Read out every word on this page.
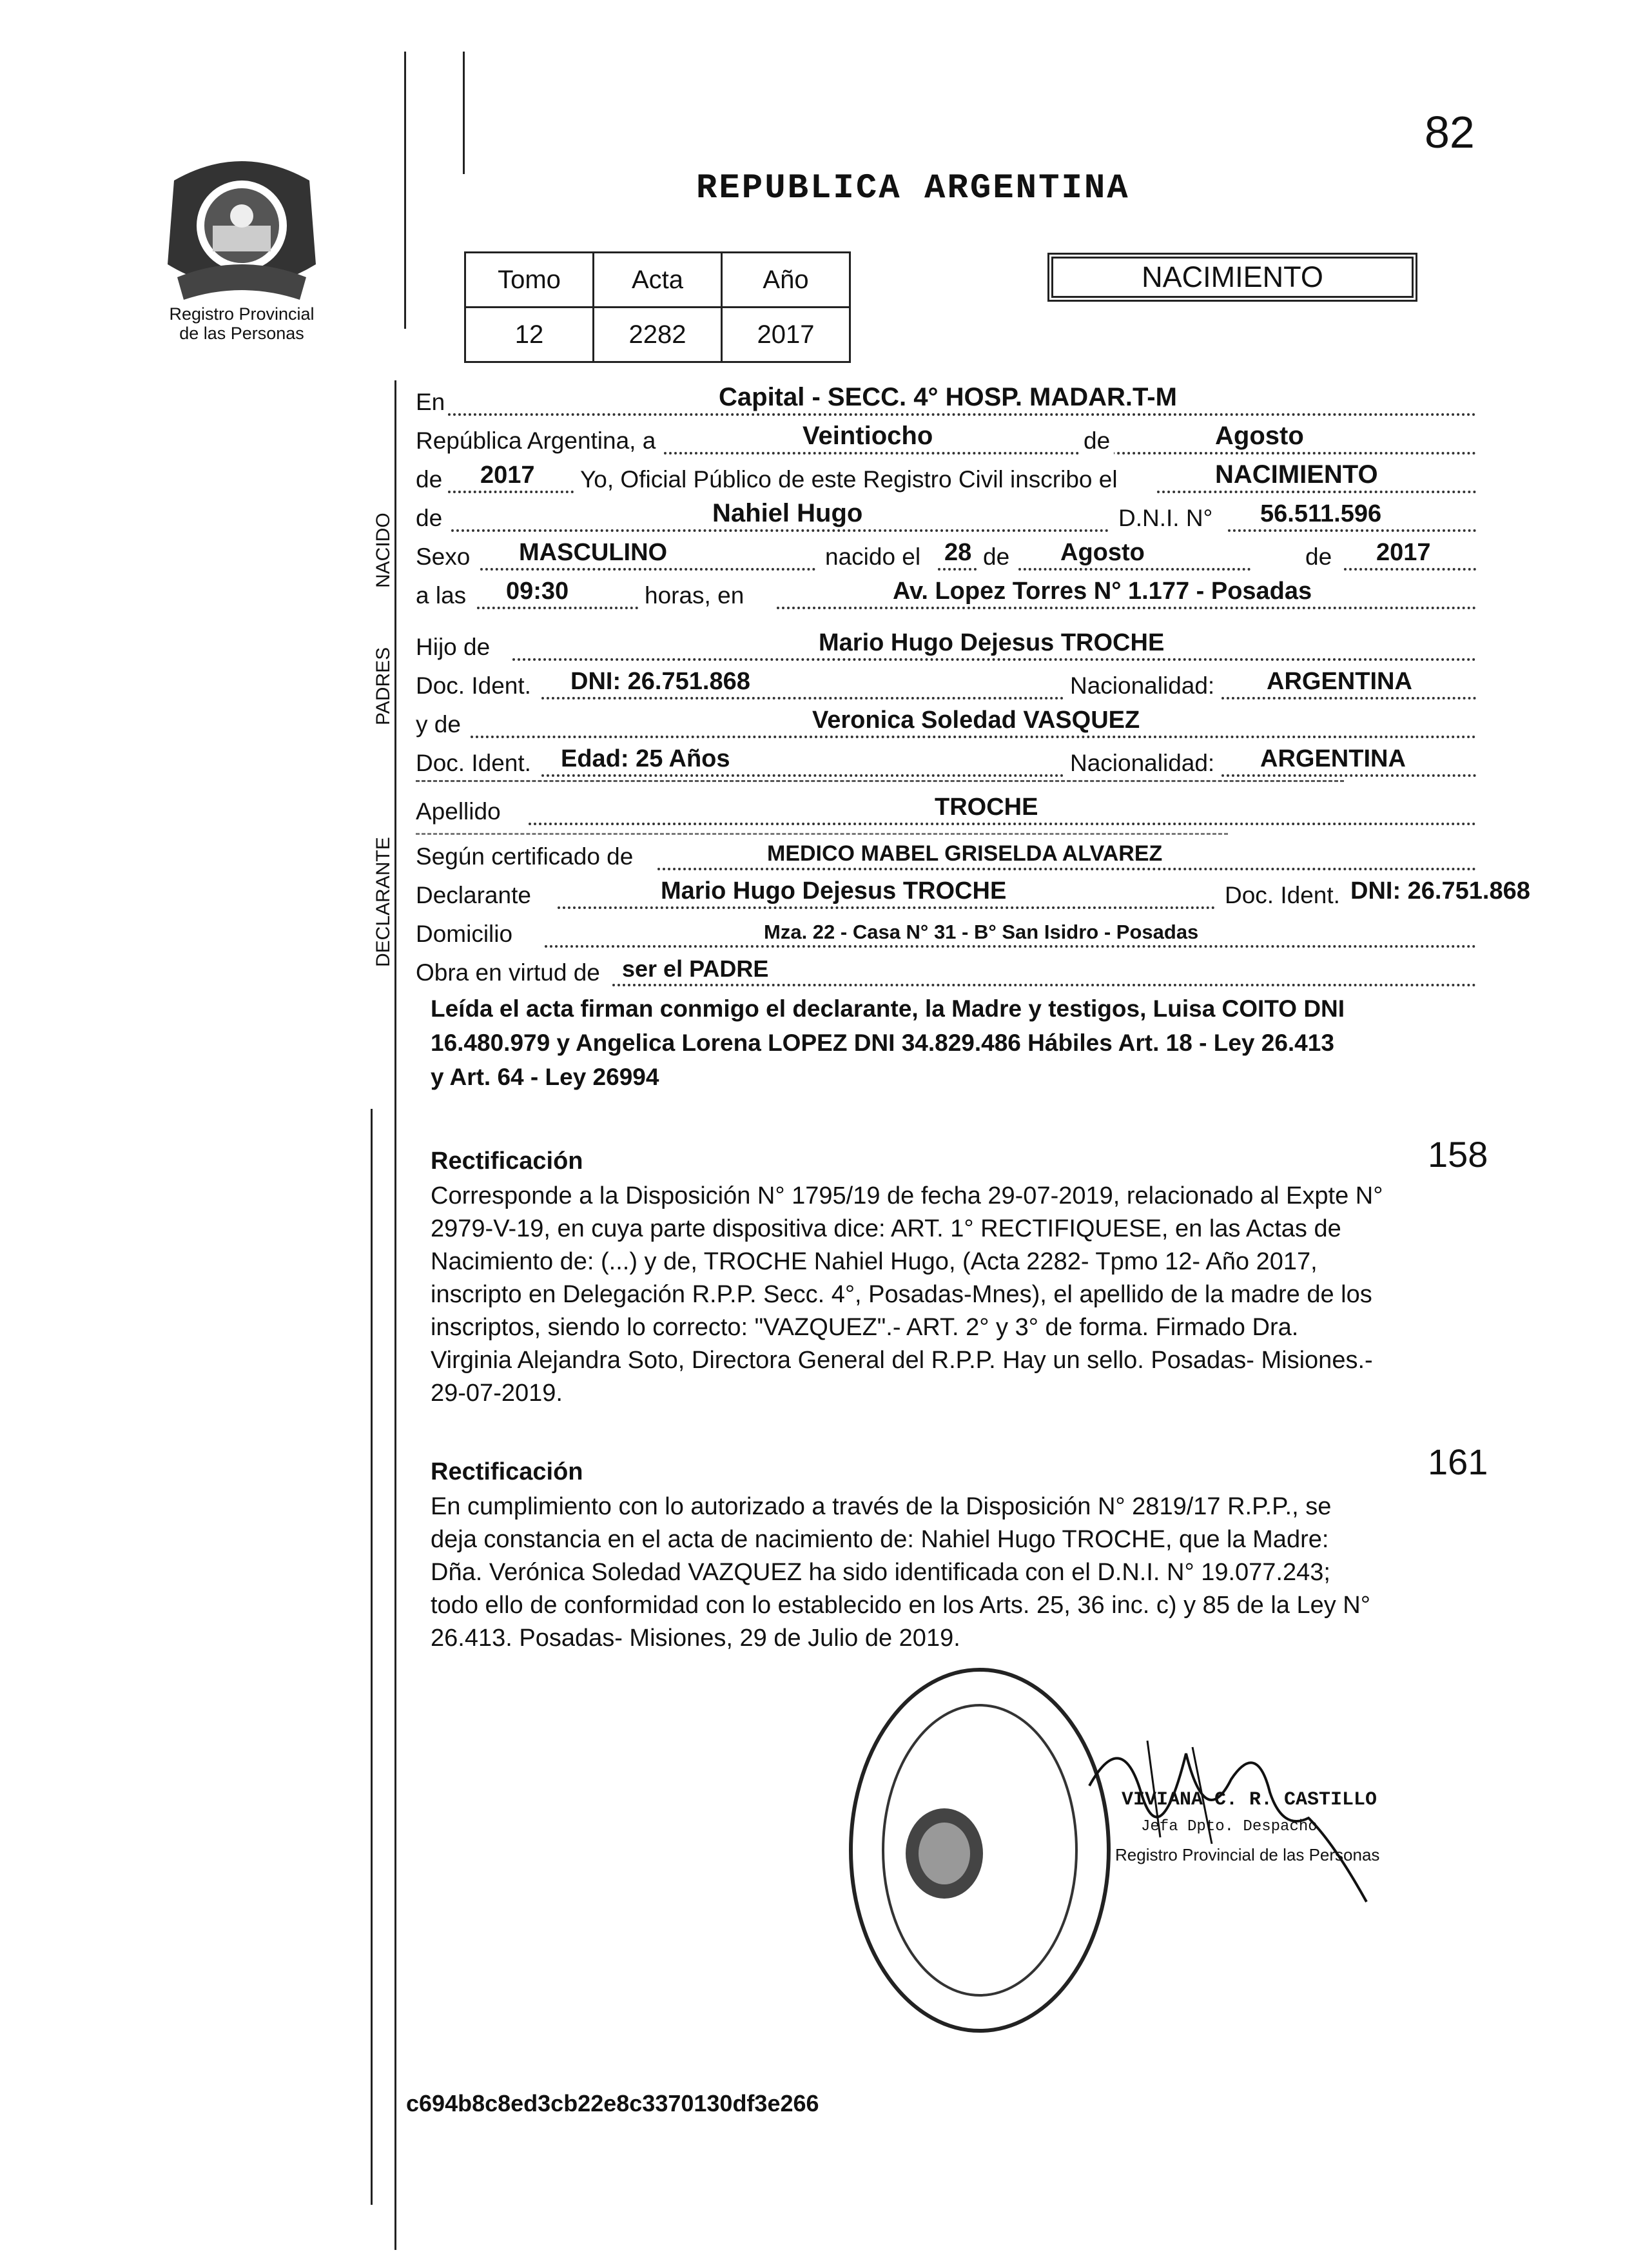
82
Registro Provincial
de las Personas
REPUBLICA ARGENTINA
Tomo	Acta	Año
12	2282	2017
NACIMIENTO
NACIDO
PADRES
DECLARANTE
En	Capital - SECC. 4° HOSP. MADAR.T-M
República Argentina, a	Veintiocho	de	Agosto
de 2017 Yo, Oficial Público de este Registro Civil inscribo el	NACIMIENTO
de	Nahiel Hugo	D.N.I. N° 56.511.596
Sexo MASCULINO	nacido el 28 de Agosto	de 2017
a las 09:30	horas, en	Av. Lopez Torres N° 1.177 - Posadas
Hijo de	Mario Hugo Dejesus TROCHE
Doc. Ident. DNI: 26.751.868	Nacionalidad: ARGENTINA
y de	Veronica Soledad VASQUEZ
Doc. Ident. Edad: 25 Años	Nacionalidad: ARGENTINA
Apellido	TROCHE
Según certificado de	MEDICO MABEL GRISELDA ALVAREZ
Declarante	Mario Hugo Dejesus TROCHE	Doc. Ident. DNI: 26.751.868
Domicilio	Mza. 22 - Casa N° 31 - B° San Isidro - Posadas
Obra en virtud de ser el PADRE
Leída el acta firman conmigo el declarante, la Madre y testigos, Luisa COITO DNI
16.480.979 y Angelica Lorena LOPEZ DNI 34.829.486 Hábiles Art. 18 - Ley 26.413
y Art. 64 - Ley 26994
158
Rectificación
Corresponde a la Disposición N° 1795/19 de fecha 29-07-2019, relacionado al Expte N°
2979-V-19, en cuya parte dispositiva dice: ART. 1° RECTIFIQUESE, en las Actas de
Nacimiento de: (...) y de, TROCHE Nahiel Hugo, (Acta 2282- Tpmo 12- Año 2017,
inscripto en Delegación R.P.P. Secc. 4°, Posadas-Mnes), el apellido de la madre de los
inscriptos, siendo lo correcto: "VAZQUEZ".- ART. 2° y 3° de forma. Firmado Dra.
Virginia Alejandra Soto, Directora General del R.P.P. Hay un sello. Posadas- Misiones.-
29-07-2019.
161
Rectificación
En cumplimiento con lo autorizado a través de la Disposición N° 2819/17 R.P.P., se
deja constancia en el acta de nacimiento de: Nahiel Hugo TROCHE, que la Madre:
Dña. Verónica Soledad VAZQUEZ ha sido identificada con el D.N.I. N° 19.077.243;
todo ello de conformidad con lo establecido en los Arts. 25, 36 inc. c) y 85 de la Ley N°
26.413. Posadas- Misiones, 29 de Julio de 2019.
VIVIANA C. R. CASTILLO
Jefa Dpto. Despacho
Registro Provincial de las Personas
c694b8c8ed3cb22e8c3370130df3e266
